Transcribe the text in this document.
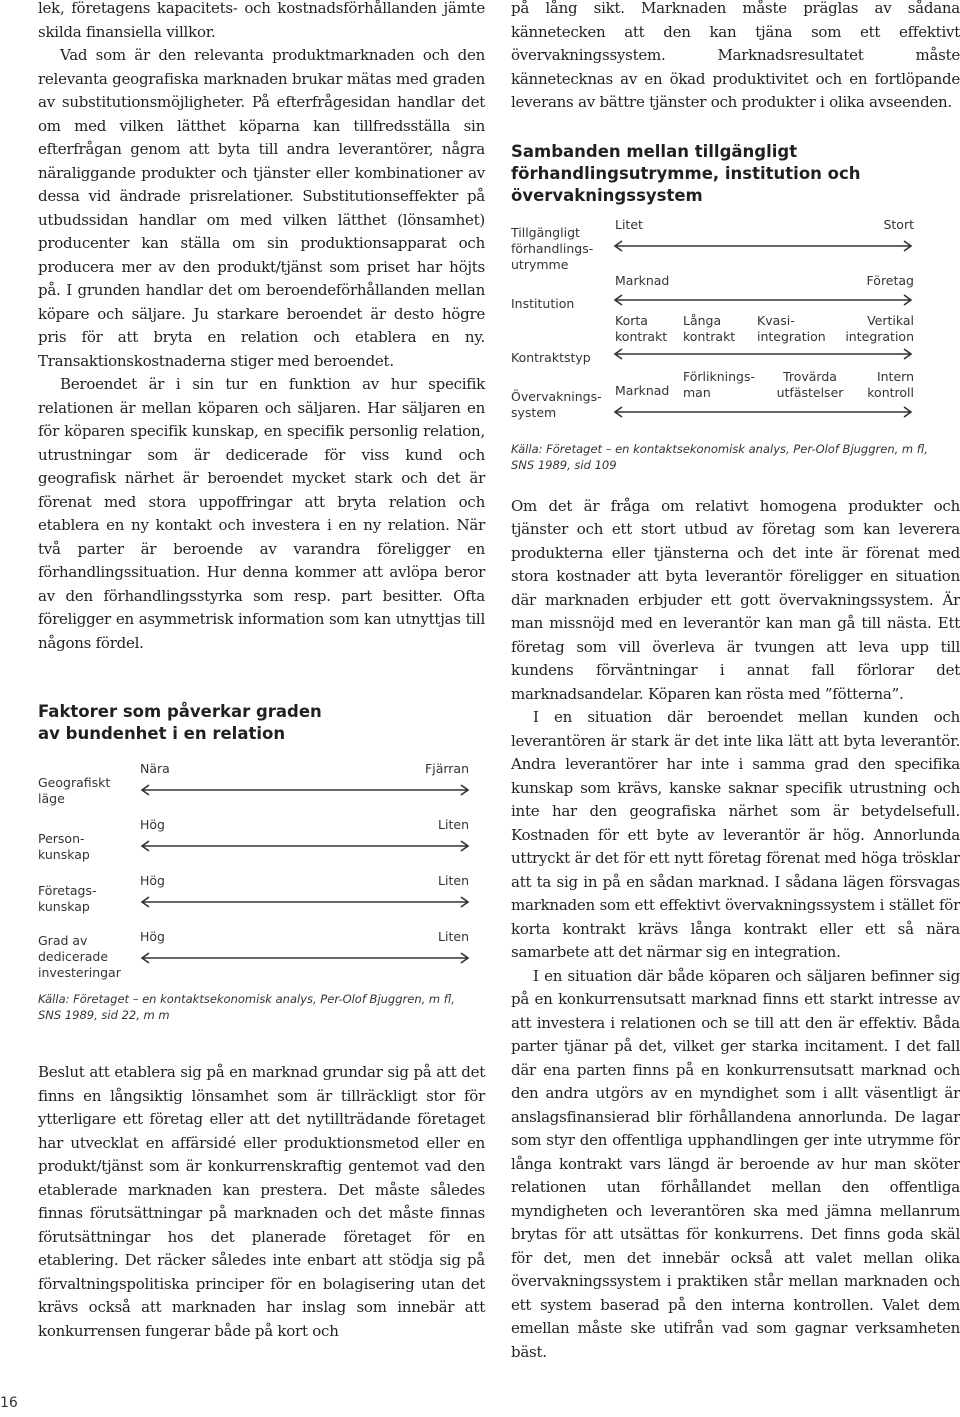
lek, företagens kapacitets- och kostnadsförhållanden jämte skilda finansiella villkor.

Vad som är den relevanta produktmarknaden och den relevanta geografiska marknaden brukar mätas med graden av substitutionsmöjligheter. På efterfrågesidan handlar det om med vilken lätthet köparna kan tillfredsställa sin efterfrågan genom att byta till andra leverantörer, några näraliggande produkter och tjänster eller kombinationer av dessa vid ändrade prisrelationer. Substitutionseffekter på utbudssidan handlar om med vilken lätthet (lönsamhet) producenter kan ställa om sin produktionsapparat och producera mer av den produkt/tjänst som priset har höjts på. I grunden handlar det om beroendeförhållanden mellan köpare och säljare. Ju starkare beroendet är desto högre pris för att bryta en relation och etablera en ny. Transaktionskostnaderna stiger med beroendet.

Beroendet är i sin tur en funktion av hur specifik relationen är mellan köparen och säljaren. Har säljaren en för köparen specifik kunskap, en specifik personlig relation, utrustningar som är dedicerade för viss kund och geografisk närhet är beroendet mycket stark och det är förenat med stora uppoffringar att bryta relation och etablera en ny kontakt och investera i en ny relation. När två parter är beroende av varandra föreligger en förhandlingssituation. Hur denna kommer att avlöpa beror av den förhandlingsstyrka som resp. part besitter. Ofta föreligger en asymmetrisk information som kan utnyttjas till någons fördel.

Faktorer som påverkar graden av bundenhet i en relation
Geografiskt läge
Nära	Fjärran
Person-kunskap
Hög	Liten
Företags-kunskap
Hög	Liten
Grad av dedicerade investeringar
Hög	Liten

Källa: Företaget – en kontaktsekonomisk analys, Per-Olof Bjuggren, m fl, SNS 1989, sid 22, m m

Beslut att etablera sig på en marknad grundar sig på att det finns en långsiktig lönsamhet som är tillräckligt stor för ytterligare ett företag eller att det nytillträdande företaget har utvecklat en affärsidé eller produktionsmetod eller en produkt/tjänst som är konkurrenskraftig gentemot vad den etablerade marknaden kan prestera. Det måste således finnas förutsättningar på marknaden och det måste finnas förutsättningar hos det planerade företaget för en etablering. Det räcker således inte enbart att stödja sig på förvaltningspolitiska principer för en bolagisering utan det krävs också att marknaden har inslag som innebär att konkurrensen fungerar både på kort och

på lång sikt. Marknaden måste präglas av sådana kännetecken att den kan tjäna som ett effektivt övervakningssystem. Marknadsresultatet måste kännetecknas av en ökad produktivitet och en fortlöpande leverans av bättre tjänster och produkter i olika avseenden.

Sambanden mellan tillgängligt förhandlingsutrymme, institution och övervakningssystem
Tillgängligt förhandlings-utrymme
Litet	Stort
Institution
Marknad	Företag
Kontraktstyp
Korta kontrakt
Långa kontrakt
Kvasi-integration
Vertikal integration
Övervaknings-system
Marknad
Förliknings-man
Trovärda utfästelser
Intern kontroll

Källa: Företaget – en kontaktsekonomisk analys, Per-Olof Bjuggren, m fl, SNS 1989, sid 109

Om det är fråga om relativt homogena produkter och tjänster och ett stort utbud av företag som kan leverera produkterna eller tjänsterna och det inte är förenat med stora kostnader att byta leverantör föreligger en situation där marknaden erbjuder ett gott övervakningssystem. Är man missnöjd med en leverantör kan man gå till nästa. Ett företag som vill överleva är tvungen att leva upp till kundens förväntningar i annat fall förlorar det marknadsandelar. Köparen kan rösta med ”fötterna”.

I en situation där beroendet mellan kunden och leverantören är stark är det inte lika lätt att byta leverantör. Andra leverantörer har inte i samma grad den specifika kunskap som krävs, kanske saknar specifik utrustning och inte har den geografiska närhet som är betydelsefull. Kostnaden för ett byte av leverantör är hög. Annorlunda uttryckt är det för ett nytt företag förenat med höga trösklar att ta sig in på en sådan marknad. I sådana lägen försvagas marknaden som ett effektivt övervakningssystem i stället för korta kontrakt krävs långa kontrakt eller ett så nära samarbete att det närmar sig en integration.

I en situation där både köparen och säljaren befinner sig på en konkurrensutsatt marknad finns ett starkt intresse av att investera i relationen och se till att den är effektiv. Båda parter tjänar på det, vilket ger starka incitament. I det fall där ena parten finns på en konkurrensutsatt marknad och den andra utgörs av en myndighet som i allt väsentligt är anslagsfinansierad blir förhållandena annorlunda. De lagar som styr den offentliga upphandlingen ger inte utrymme för långa kontrakt vars längd är beroende av hur man sköter relationen utan förhållandet mellan den offentliga myndigheten och leverantören ska med jämna mellanrum brytas för att utsättas för konkurrens. Det finns goda skäl för det, men det innebär också att valet mellan olika övervakningssystem i praktiken står mellan marknaden och ett system baserad på den interna kontrollen. Valet dem emellan måste ske utifrån vad som gagnar verksamheten bäst.

16
